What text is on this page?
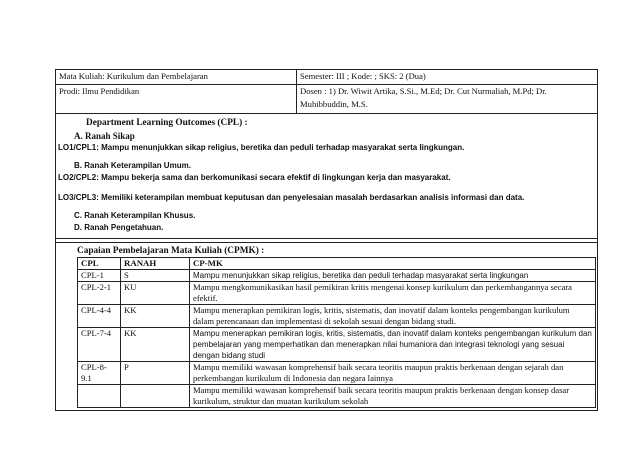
Mata Kuliah: Kurikulum dan Pembelajaran	Semester: III ; Kode: ; SKS: 2 (Dua)
Prodi: Ilmu Pendidikan	Dosen : 1) Dr. Wiwit Artika, S.Si., M.Ed; Dr. Cut Nurmaliah, M.Pd; Dr. Muhibbuddin, M.S.
Department Learning Outcomes (CPL) :
A. Ranah Sikap
LO1/CPL1: Mampu menunjukkan sikap religius, beretika dan peduli terhadap masyarakat serta lingkungan.
B. Ranah Keterampilan Umum.
LO2/CPL2: Mampu bekerja sama dan berkomunikasi secara efektif di lingkungan kerja dan masyarakat.
LO3/CPL3: Memiliki keterampilan membuat keputusan dan penyelesaian masalah berdasarkan analisis informasi dan data.
C. Ranah Keterampilan Khusus.
D. Ranah Pengetahuan.
Capaian Pembelajaran Mata Kuliah (CPMK) :
CPL	RANAH	CP-MK
CPL-1	S	Mampu menunjukkan sikap religius, beretika dan peduli terhadap masyarakat serta lingkungan
CPL-2-1	KU	Mampu mengkomunikasikan hasil pemikiran kritis mengenai konsep kurikulum dan perkembangannya secara efektif.
CPL-4-4	KK	Mampu menerapkan pemikiran logis, kritis, sistematis, dan inovatif dalam konteks pengembangan kurikulum dalam perencanaan dan implementasi di sekolah sesuai dengan bidang studi.
CPL-7-4	KK	Mampu menerapkan pemikiran logis, kritis, sistematis, dan inovatif dalam konteks pengembangan kurikulum dan pembelajaran yang memperhatikan dan menerapkan nilai humaniora dan integrasi teknologi yang sesuai dengan bidang studi
CPL-8-9.1	P	Mampu memiliki wawasan komprehensif baik secara teoritis maupun praktis berkenaan dengan sejarah dan perkembangan kurikulum di Indonesia dan negara lainnya
		Mampu memiliki wawasan komprehensif baik secara teoritis maupun praktis berkenaan dengan konsep dasar kurikulum, struktur dan muatan kurikulum sekolah
